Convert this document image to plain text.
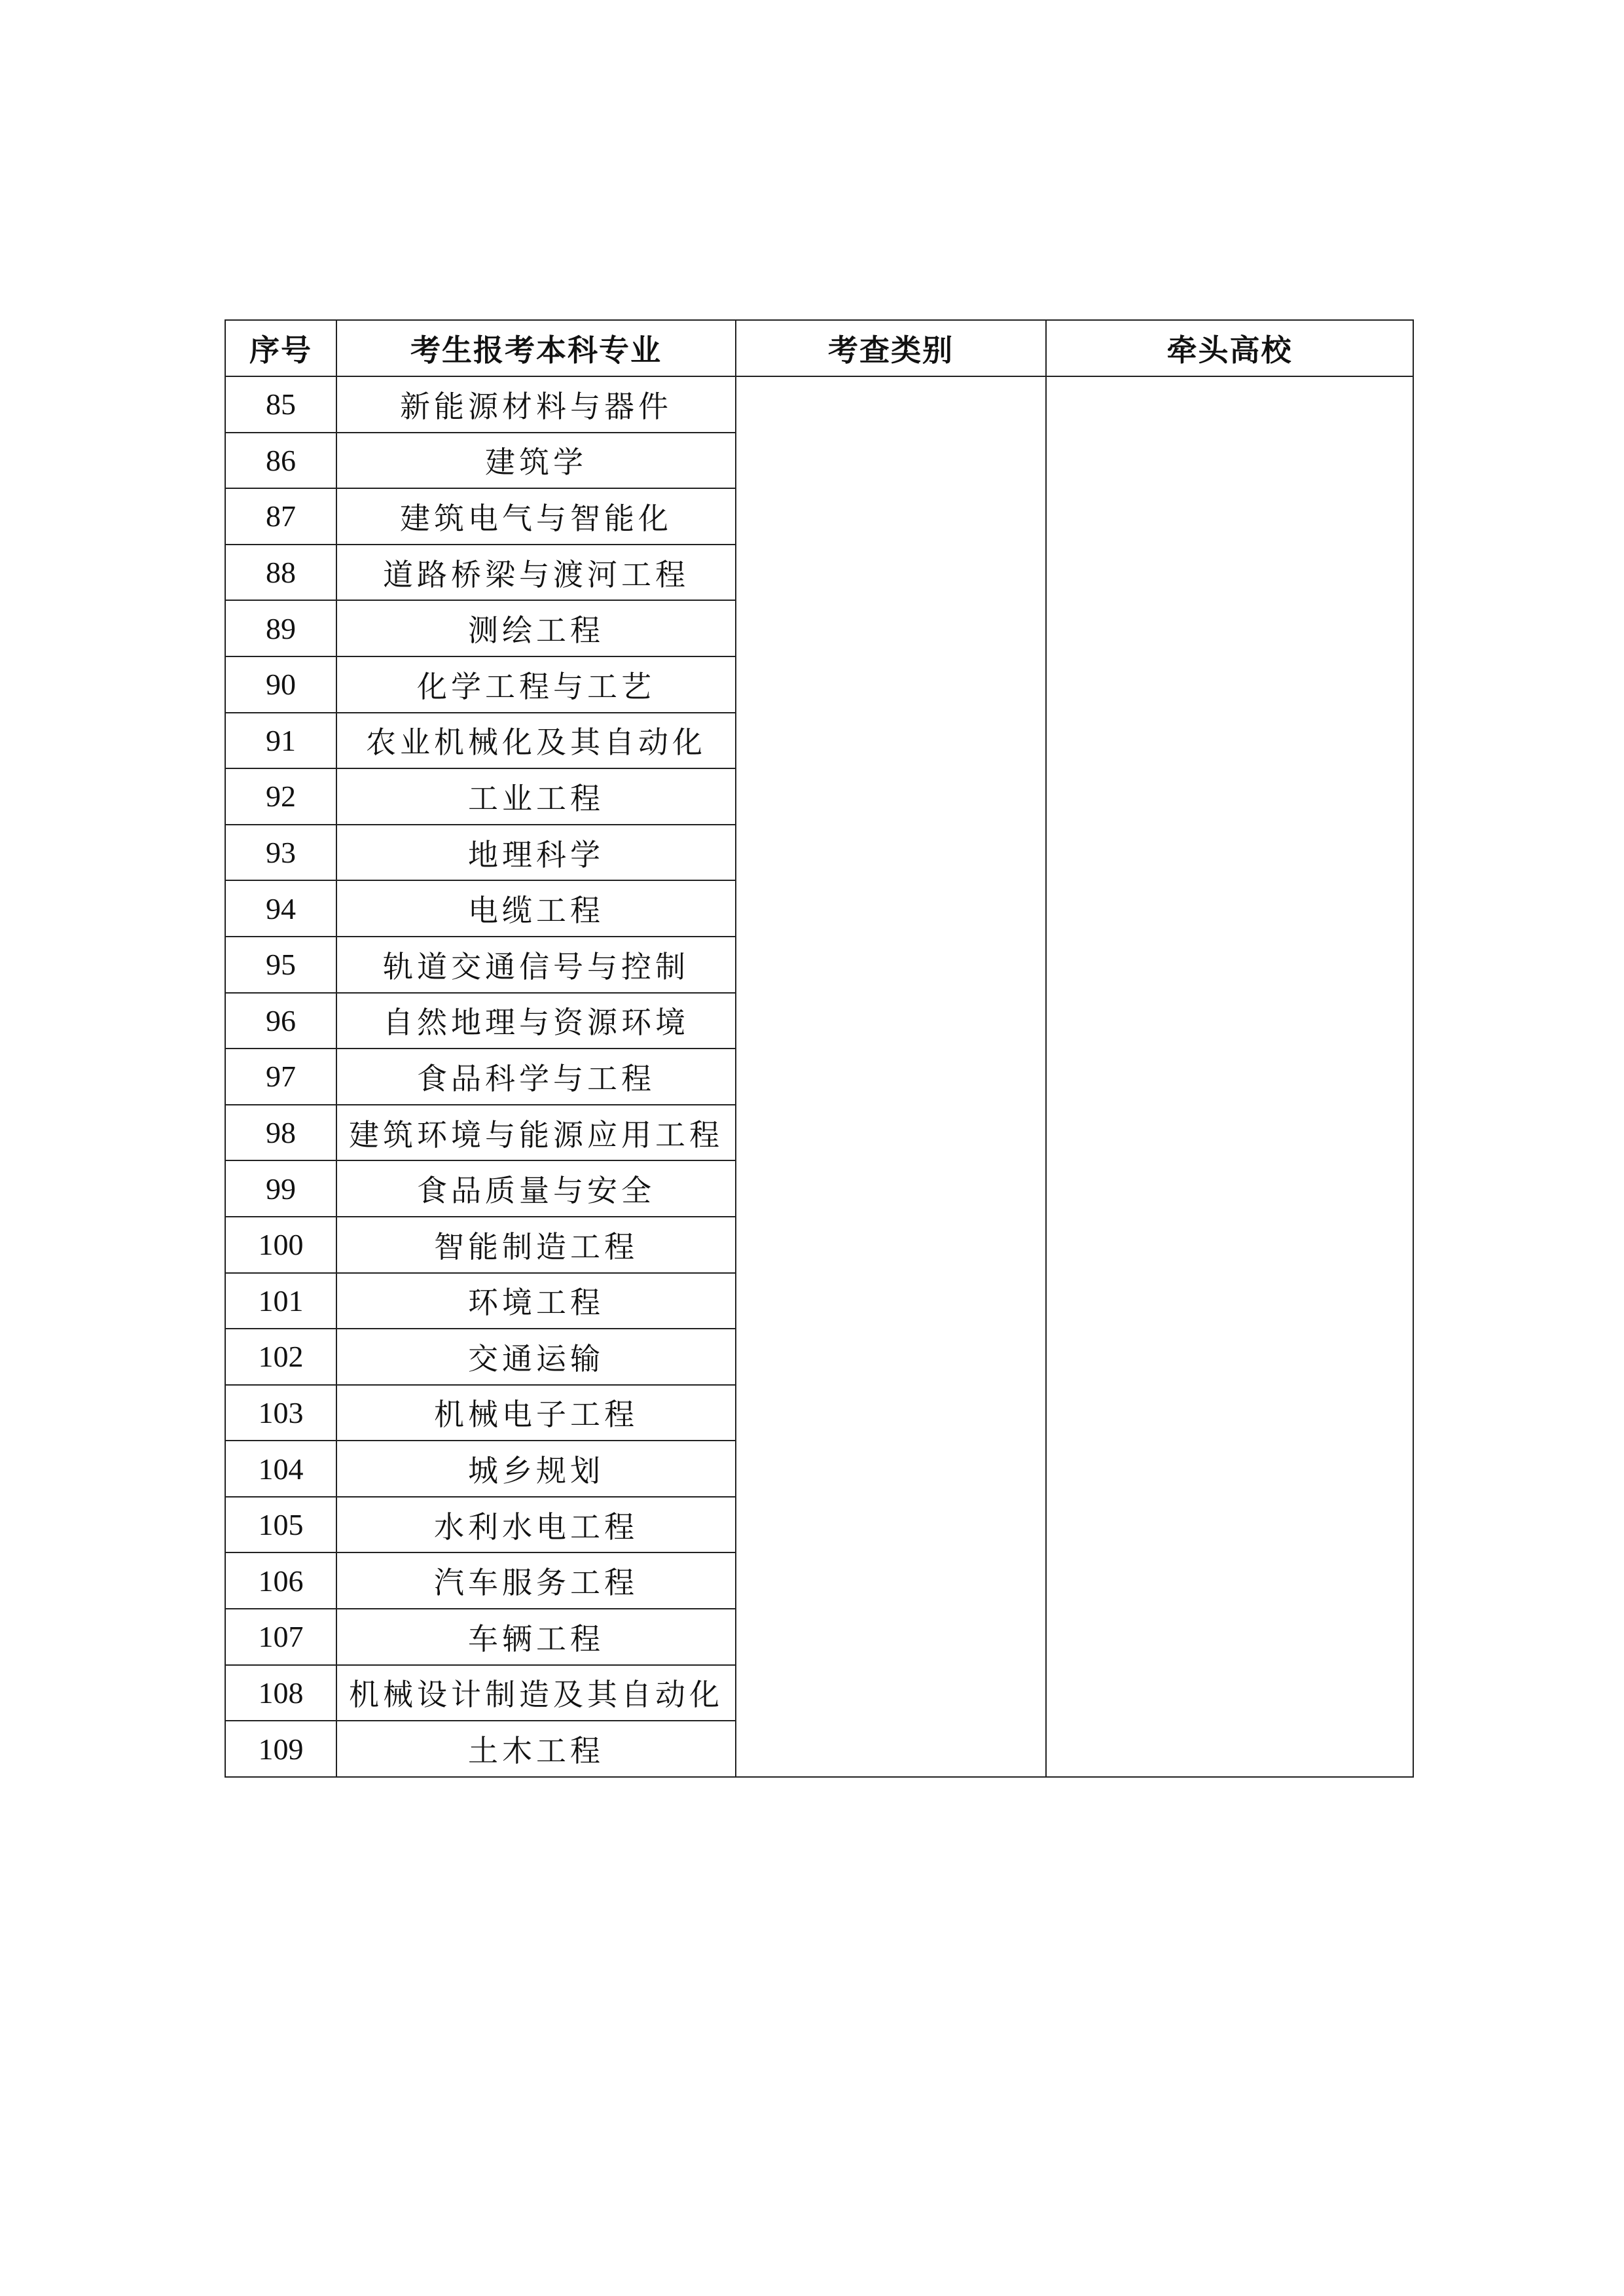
序号	考生报考本科专业	考查类别	牵头高校
85	新能源材料与器件		
86	建筑学		
87	建筑电气与智能化		
88	道路桥梁与渡河工程		
89	测绘工程		
90	化学工程与工艺		
91	农业机械化及其自动化		
92	工业工程		
93	地理科学		
94	电缆工程		
95	轨道交通信号与控制		
96	自然地理与资源环境		
97	食品科学与工程		
98	建筑环境与能源应用工程		
99	食品质量与安全		
100	智能制造工程		
101	环境工程		
102	交通运输		
103	机械电子工程		
104	城乡规划		
105	水利水电工程		
106	汽车服务工程		
107	车辆工程		
108	机械设计制造及其自动化		
109	土木工程		
